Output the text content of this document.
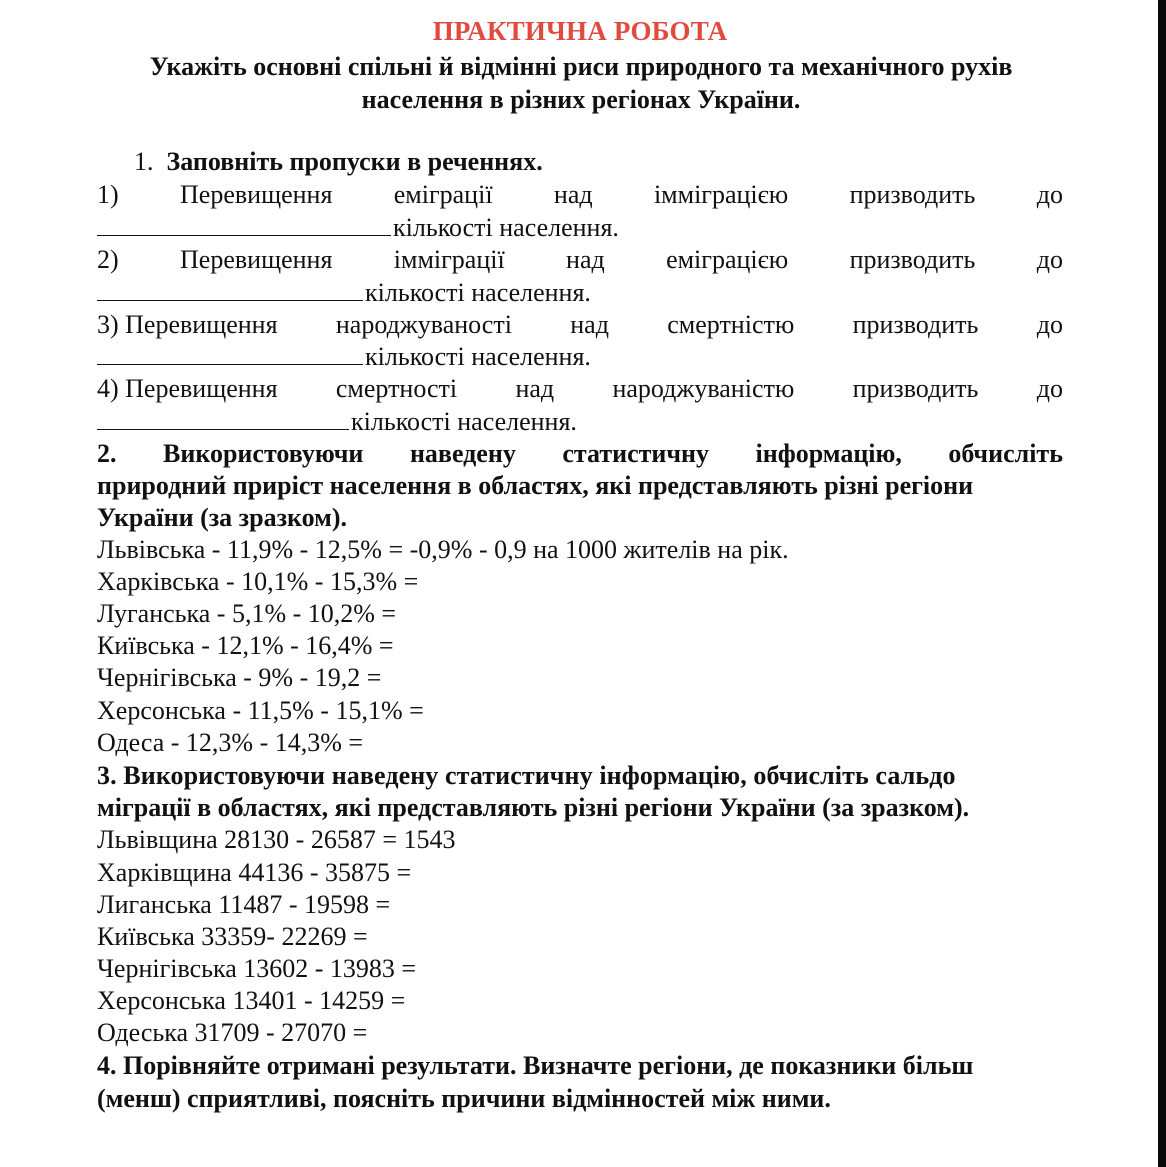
ПРАКТИЧНА РОБОТА
Укажіть основні спільні й відмінні риси природного та механічного рухів населення в різних регіонах України.
1. Заповніть пропуски в реченнях.
1) Перевищення еміграції над імміграцією призводить до
кількості населення.
2) Перевищення імміграції над еміграцією призводить до
кількості населення.
3) Перевищення народжуваності над смертністю призводить до
кількості населення.
4) Перевищення смертності над народжуваністю призводить до
кількості населення.
2. Використовуючи наведену статистичну інформацію, обчисліть
природний приріст населення в областях, які представляють різні регіони
України (за зразком).
Львівська - 11,9% - 12,5% = -0,9% - 0,9 на 1000 жителів на рік.
Харківська - 10,1% - 15,3% =
Луганська - 5,1% - 10,2% =
Київська - 12,1% - 16,4% =
Чернігівська - 9% - 19,2 =
Херсонська - 11,5% - 15,1% =
Одеса - 12,3% - 14,3% =
3. Використовуючи наведену статистичну інформацію, обчисліть сальдо
міграції в областях, які представляють різні регіони України (за зразком).
Львівщина 28130 - 26587 = 1543
Харківщина 44136 - 35875 =
Лиганська 11487 - 19598 =
Київська 33359- 22269 =
Чернігівська 13602 - 13983 =
Херсонська 13401 - 14259 =
Одеська 31709 - 27070 =
4. Порівняйте отримані результати. Визначте регіони, де показники більш
(менш) сприятливі, поясніть причини відмінностей між ними.
